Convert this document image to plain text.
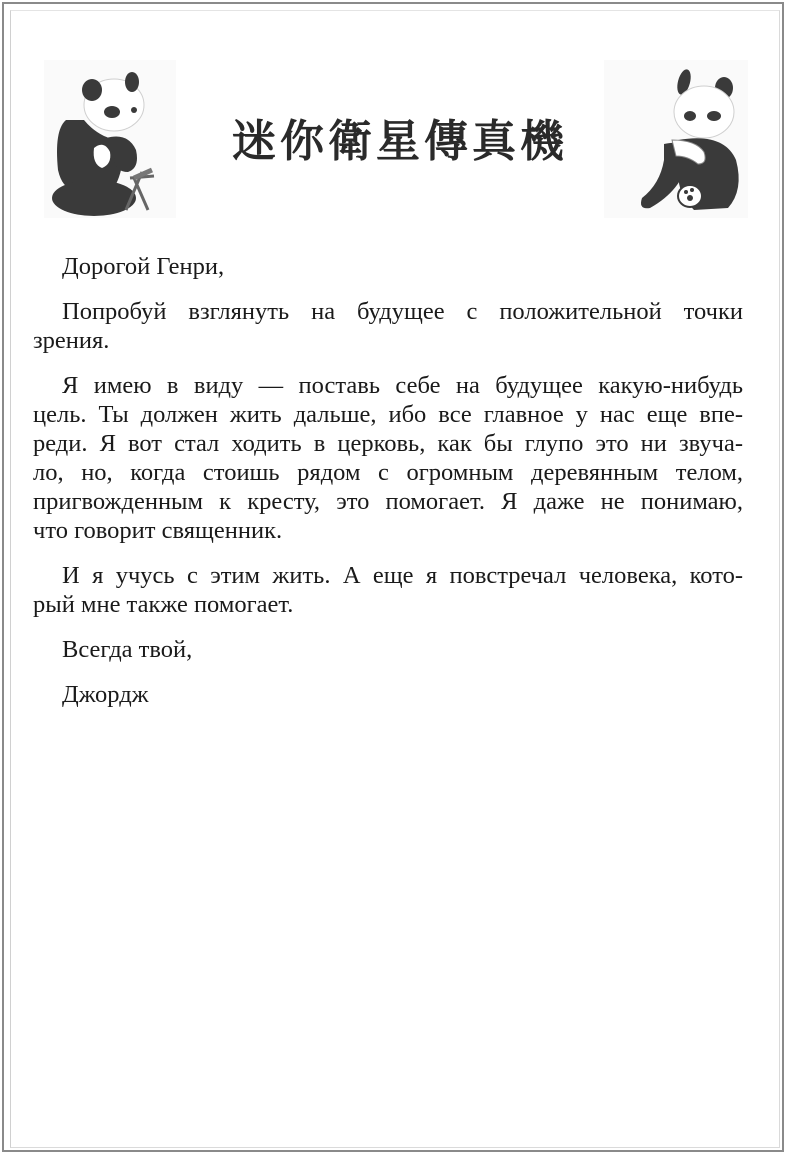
迷你衛星傳真機

Дорогой Генри,

Попробуй взглянуть на будущее с положительной точки
зрения.

Я имею в виду — поставь себе на будущее какую-нибудь
цель. Ты должен жить дальше, ибо все главное у нас еще впе-
реди. Я вот стал ходить в церковь, как бы глупо это ни звуча-
ло, но, когда стоишь рядом с огромным деревянным телом,
пригвожденным к кресту, это помогает. Я даже не понимаю,
что говорит священник.

И я учусь с этим жить. А еще я повстречал человека, кото-
рый мне также помогает.

Всегда твой,

Джордж
